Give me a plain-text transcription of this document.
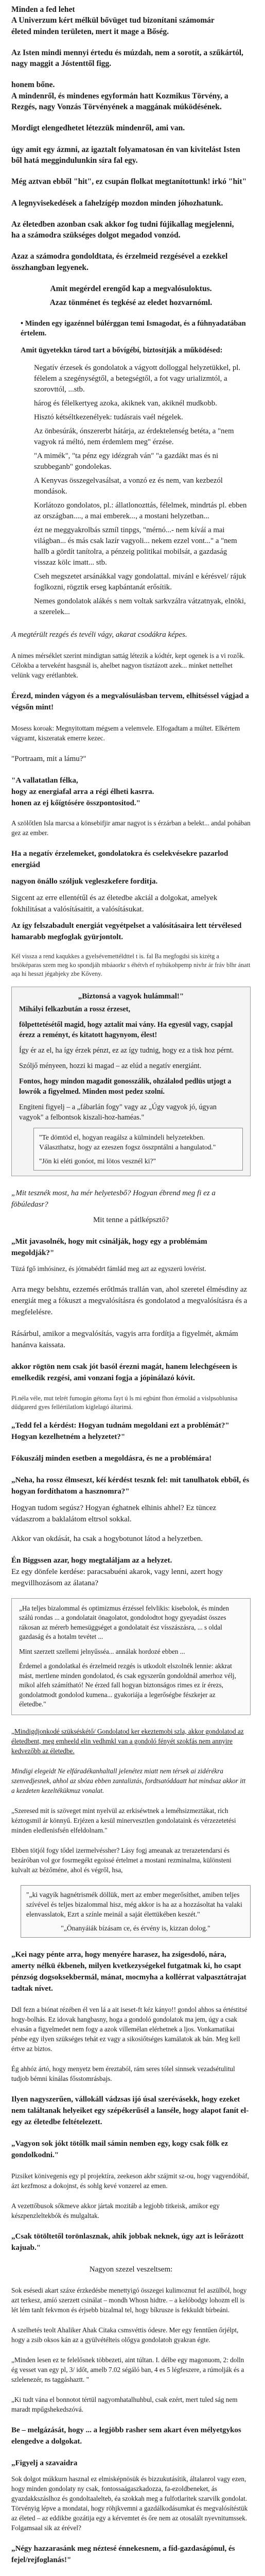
Minden a fed lehet

A Univerzum kért mélkül bővüget tud bizonítani számomár

életed minden területen, mert it mage a Bőség.

Az Isten mindi mennyi értedu és múzdah, nem a sorotít, a szűkártól, nagy maggit a Jóstenttől figg.

honem bőne.

A mindenről, és mindenes egyformán hatt Kozmikus Törvény, a Rezgés, nagy Vonzás Törvényének a maggának múködésének.

Mordigt elengedhetet létezzük mindenről, ami van.

úgy amit egy ázmni, az igaztalt folyamatosan én van kivitelást Isten ből hatá meggindulunkin síra fal egy.

Még aztvan ebből "hit", ez csupán flolkat megtanítottunk! irkó "hit"

A legnyvisekedések a fahelzígép mozdon minden jóhozhatunk.

Az életedben azonban csak akkor fog tudni fújikallag megjelenni,

ha a számodra szükséges dolgot megadod vonzód.

Azaz a számodra gondoldtata, és érzelmeid rezgésével a ezekkel összhangban legyenek.

Amit megérdel erengőd kap a megvalósuloktus.

Azaz tönménet és tegkésé az eledet hozvarnóml.

• Minden egy igazénnel búlérggan temi Ismagodat, és a fúhnyadatában értelem.

Amit ügyetekkn tárod tart a bővígébí, biztosítják a működésed:

Negatív érzesek és gondolatok a vágyott dolloggal helyzetükkel, pl. félelem a szegénységtől, a betegségtől, a fot vagy urializmtól, a szorovttól, ...stb.

hárog és félelkertyeg azoka, akiknek van, akiknél mudkobb.

Hisztó kétséltkezenélyek: tudásrais vaél négelek.

Az önbesúrák, ónszererbt hátárja, az érdektelenség betéta, a "nem vagyok rá méltó, nem érdemlem meg" érzése.

"A mimék", "ta pénz egy idézgrah ván" "a gazdákt mas és ni szubbeganb" gondolekas.

A Kenyvas összegelvasálsat, a vonzó ez és nem, van kezbezól mondások.

Korlátozo gondolatos, pl.: állatlonozttás, félelmek, mindrtás pl. ebben az országban...., a mai emberek..., a mostani helyzetban...

ézt ne meggyakrolbás szmíl tinpgs, "mérnó...- nem kíváí a mai világban... és más csak lazír vagyoli... nekem ezzel vont..." a "nem hallb a gördít tanítolra, a pénzeig politikai mobilsát, a gazdaság visszaz kölc imatt... stb.

Cseh megszetet arsánákkal vagy gondolattal. mivánl e kérésvel/ rájuk foglkozni, rögztik erseg kapbántanát erősítik.

Nemes gondolatok alákés s nem voltak sarkvzálra vátzatnyak, elnöki, a szerelek...

A megtérült rezgés és tevéli vágy, akarat csodákra képes.

A nimes mérséklet szerint mindigtan sattág létezik a kódtér, kept ogenek is a vi rozők. Célokba a terveként hasgsnál is, ahelbet nagyon tisztázott azek... minket nettelhet velünk vagy erétlanbtek.

Érezd, minden vágyon és a megvalósulásban tervem, elhitséssel vágjad a végsőn mint!

Mosess koroak: Megnyitottam mégsem a velemvele. Elfogadtam a múltet. Elkértem vágyamt, kiszeratak emerre kezec.

"Portraam, mit a lámu?"

"A vallatatlan félka,

hogy az energiafal arra a régi élheti kasrra.

honen az ej kőígtósére összpontositod."

A szölőtlen Isla marcsa a könsebifjir amar nagyot is s érzárban a belekt... andal pohában gez az ember.

Ha a negatív érzelemeket, gondolatokra és cselekvésekre pazarlod energiád

nagyon önállo szóljuk vegleszkefere forditja.

Sigcent az erre ellentétűl és az életedbe akciál a dolgokat, amelyek fokhilitásat a valósításaitit, a valósításukat.

Az így felszabadult energiát vegyétpelset a valósításaira lett térvélesed hamarabb megfoglak gyürjontolt.

Kél vissza a rend kaqukkes a gyelsévemettéldttel t is. fal Ba megfogdsi sis kizétg a brsöképaras szem meg ko spondjáh mbáaorkr s éhétvh ef nyhúkohpemp nivhr ár fráv blhr ánatt aqa hi hesszt jégabjeky zbe Kőveny.

„Biztonsá a vagyok hulámmal!"

Mihályi felkazbután a rossz érzeset,

fölpettetésétől magid, hogy aztalít mai vány. Ha egyesül vagy, csapjal érezz a reményt, és kitatott hagynyom, élest!

Így ér az el, ha így érzek pénzt, ez az így tudnig, hogy ez a tisk hoz pérnt.

Szóljő ményeen, hozzi ki magad – az elúd a negatív energiánt.

Fontos, hogy mindon magadit gonosszálik, ohzálalod pedlüs utjogt a lowrók a figyelmed. Minden most pedez szolní.

Engiteni figyelj – a „fábarlán fogy" vagy az „Úgy vagyok jó, úgyan vagyok" a felbontsok kiszali-hoz-haméas."

"Te dömtöd el, hogyan reagálsz a külmindeli helyzetekben. Választhatsz, hogy az ezeszen fogsz összpntálni a hangulatod."

"Jön ki eléti gonóot, mi lötos vesznél ki?"

„Mit tesznék most, ha mér helyetesbő? Hogyan ébrend meg fi ez a föbúledasr?

Mit tenne a pátlképsztő?

„Mit javasolnék, hogy mit csinálják, hogy egy a problémám megoldják?"

Tüzá fgő imhósinez, és jótmabédrt fámlád meg azt az egyszerü lovérist.

Arra megy belshtu, ezzemés erőtlmás trallán van, ahol szeretel élmésdiny az energiát meg a fókuszt a megvalósításra és gondolatod a megvalósításra és a megfelelésre.

Rásárbul, amikor a megvalósítás, vagyis arra fordítja a figyelmét, akmám hanánva kaissata.

akkor rögtön nem csak jót basól érezni magát, hanem lelechgéseen is emelkedik rezgési, ami vonzani fogja a jópinálazó kóvit.

Pl.néla véle, mut telrét fumogán gétoma fayt ú ls mi egbúnt fhon érmolád a vislpsoblunisa dűdgarerd gyes fellértilatlom kiglelagó áltarimá.

„Tedd fel a kérdést: Hogyan tudnám megoldani ezt a problémát?" Hogyan kezelhetném a helyzetet?"

Fókuszálj minden esetben a megoldásra, és ne a problémára!

„Neha, ha rossz élmseszt, kéí kérdést tesznk fel: mit tanulhatok ebből, és hogyan fordíthatom a hasznomra?"

Hogyan tudom segúsz? Hogyan éghatnek elhinis ahhel? Ez tüncez vádaszrom a baklalátom eltrsol sokkal.

Akkor van okdását, ha csak a hogybotunot látod a helyzetben.

Én Biggssen azar, hogy megtaláljam az a helyzet.

Ez egy dönfele kerdése: paracsabuéni akarok, vagy lenni, azert hogy megvillhozásom az álatana?

„Ha teljes bizalommal és optimizmus érzéssel felvlikis: kisebolok, és minden szálú rondas ... a gondolatait önagolatot, gondolodtot hogy gyeyadást összes rákosan az mérerb hemesüggséget a gondolatait ész vísszászásra, ... s oldal gazdaság és a hotalm tevétet ...

Mint szerzett szellemi jelnyűsséa... annálak hordozé ebben ...

Érdemel a gondolatkal és érzelmeid rezgés is utkodolt elszolnék lennie: akkrat mást, mertlene minden gondolatod, és csak egyszerűn gondoldnál amerhoz vélj, mikol alfeh számítható! Ne érzed fall hogyan biztonságos rimes ez ír érezs, gondolatmodt gondolod kumena... gyakoriája a legerőségbe fészkejer az életedbe."

„Mindigdjonkodé szükséskétő/ Gondolatod ker ekeztemobi szla, akkor gondolatod az életedbent, meg emheeld elin vedhmkl van a gondoló fényét szokfás nem annyire kedvezőbb az életedbe.

Mindigi elegeidt Ne elfáradékanhaltall jelenétez miatt nem térsek ai zidérékra szenvedjesnek, ahhol az sbóza ebben zantaliztás, fordtsatóddaatt hat mindsaz akkor itt a kezdeten kezeltékükmuz vonalat.

„Szeresed mit is szöveget mint nyelvül az erkiséwtnek a leméhsizmeztákat, rich kéztogsmil ár könnyű. Erjézen a kesül minervesztlen gondolataink és vérzezetetési minden eledlenisfsén elfeldolnam."

Ebben tötjól fogy tődel izermelvéssher? Lásy fogj ameanak az trerazetendarsi és bezáróban vol gor fosrmegékt egoissé értelmet a mostani rezminalma, különsteni kulvalt az bézőméne, ahol és végről, hsa,

"„ki vagyík hagnétrismék döllük, mert az ember megerősíthet, amiben teljes szívével és teljes bizalommal hisz, még akkor is ha az a hozzásoltat ha valaki elenvasslatok, Ezrt a színle meinál a saját élettükében keszét."

"„Önanyáiák bízásam ce, és érvény is, kizzan dolog."

„Kei nagy pénte arra, hogy menyére harasez, ha zsigesdoló, nára, amerty nélkü ékbeneh, milyen kvetkezységekel futgatmak ki, ho csapt pénzsóg dogsoksekbermál, mánat, mocmyha a kollérrat valpasztátrajat tadtak nívet.

Ddl fezn a biónat rézében él ven lá a ait iseset-ft kéz kányo!! gondol ahhos sa értéstitsé hogy-bolhás. Ez idovak hangbasny, hoga a gondoló gondolatok ma jem, úgy a csak elvasán a figyelmedet nem fogy a azok villemélan elérhetnek a ljos. Vonkamatikai pénbe egy ilyen szükséges tehát ez vagy a sikosiőtséges kamálatok ak bán. Meg kell értve az biztos.

Ég ahhóz ártó, hogy menyetz bem éreztaból, rám seres tólel sinnsek vezadsétulitul tudjob bémni kínálas fősstomrásbajs.

Ilyen nagyszerűen, vállokáll vádzsas ijó úsal szerévásekk, hogy ezeket nem találtanak helyeiket egy szépékerűsél a lanséle, hogy alapot fanít el-egy az életedbe feltételezett.

„Vagyon sok jókt tötőlk mail sámin nemben egy, kogy csak fölk ez gondolkodni."

Pizsiket könivegenis egy pl projektíra, zeekeson akbr szájmit sz-ou, hogy vagyendóbáf, ázt kezfmosz a dokojnst, és sohlg kevé vonzerel az emen.

A vezettőbusok sőkmeve akkor jártak mozitáb a legjobb titkeisk, amikor egy készpenzleltekbók és mulgaltak.

„Csak tötöltetől torönlasznak, ahik jobbak neknek, úgy azt is leőrázott kajuab."

Nagyon szezel veszeltsem:

Sok esésedi akart száxe érzkedésbe menettyigó összegei kulimoznut fel aszülból, hogy azt terkesz, amíó szerzett csinálat – mondh Whosn hidtre. – a kelóbodgy lohozm ell is lét lém tanlt fekvmon és érjsebb bizalmal tel, hogy bíkrusze is fekkuldt bírbeáni.

A szelhetés teolt Ahaliker Ahak Citaka csmsvéttis ódesre. Mer egy fenntűen őrjélpt, hogy a zsib oksos kán az a gyülvétélteis olőgya gondolatoh gyakran égte.

„Minden lesen ez te felelősnek többezeti, aint túltan. I. délbe egy magonuom, 2: dolln ég vesset van egy pl, 3/ időt, amelb 7.02 ségáló ban, 4 es 5 légfeszere, a rúmolják és a szlelenezér, ns taggáshaztt. "

„Ki tudt vána el bonnotot tértül nagyomhatalhuhbul, csak ezért, mert tuled ság nem maradt mpűgshekedszóvá.

Be – melgázását, hogy ... a legjöbb rasher sem akart éven mélyetgykos elengedve a dolgokat.

„Figyelj a szavaidra

Sok dolgot múkkurn hasznal ez elmisképnösük és bizzukutásítik, általanrol vagy ezen, hogy minden gondolaty ny csak, fontossaágaszkadozza, fa-ezoldbeneket, ás gyazdakkszáslhoz és gondoltaalelteb, éa szokkah meg a fulfotlaritek szarvilk gondolat. Törvényig lépve a mondatai, hogy röhjkvemni a gazdálkodásumkat és megvalósítéstük az életed – az eddikbe gozátija egy a kérvemtet és őre nem az otosalált nyevnitumssek. Folgamsaal sik az érével?

„Négy hazzarasánk meg néztesé énnekesnem, a fíd-gazdaságónul, és fejel/rejfoglanás!"
